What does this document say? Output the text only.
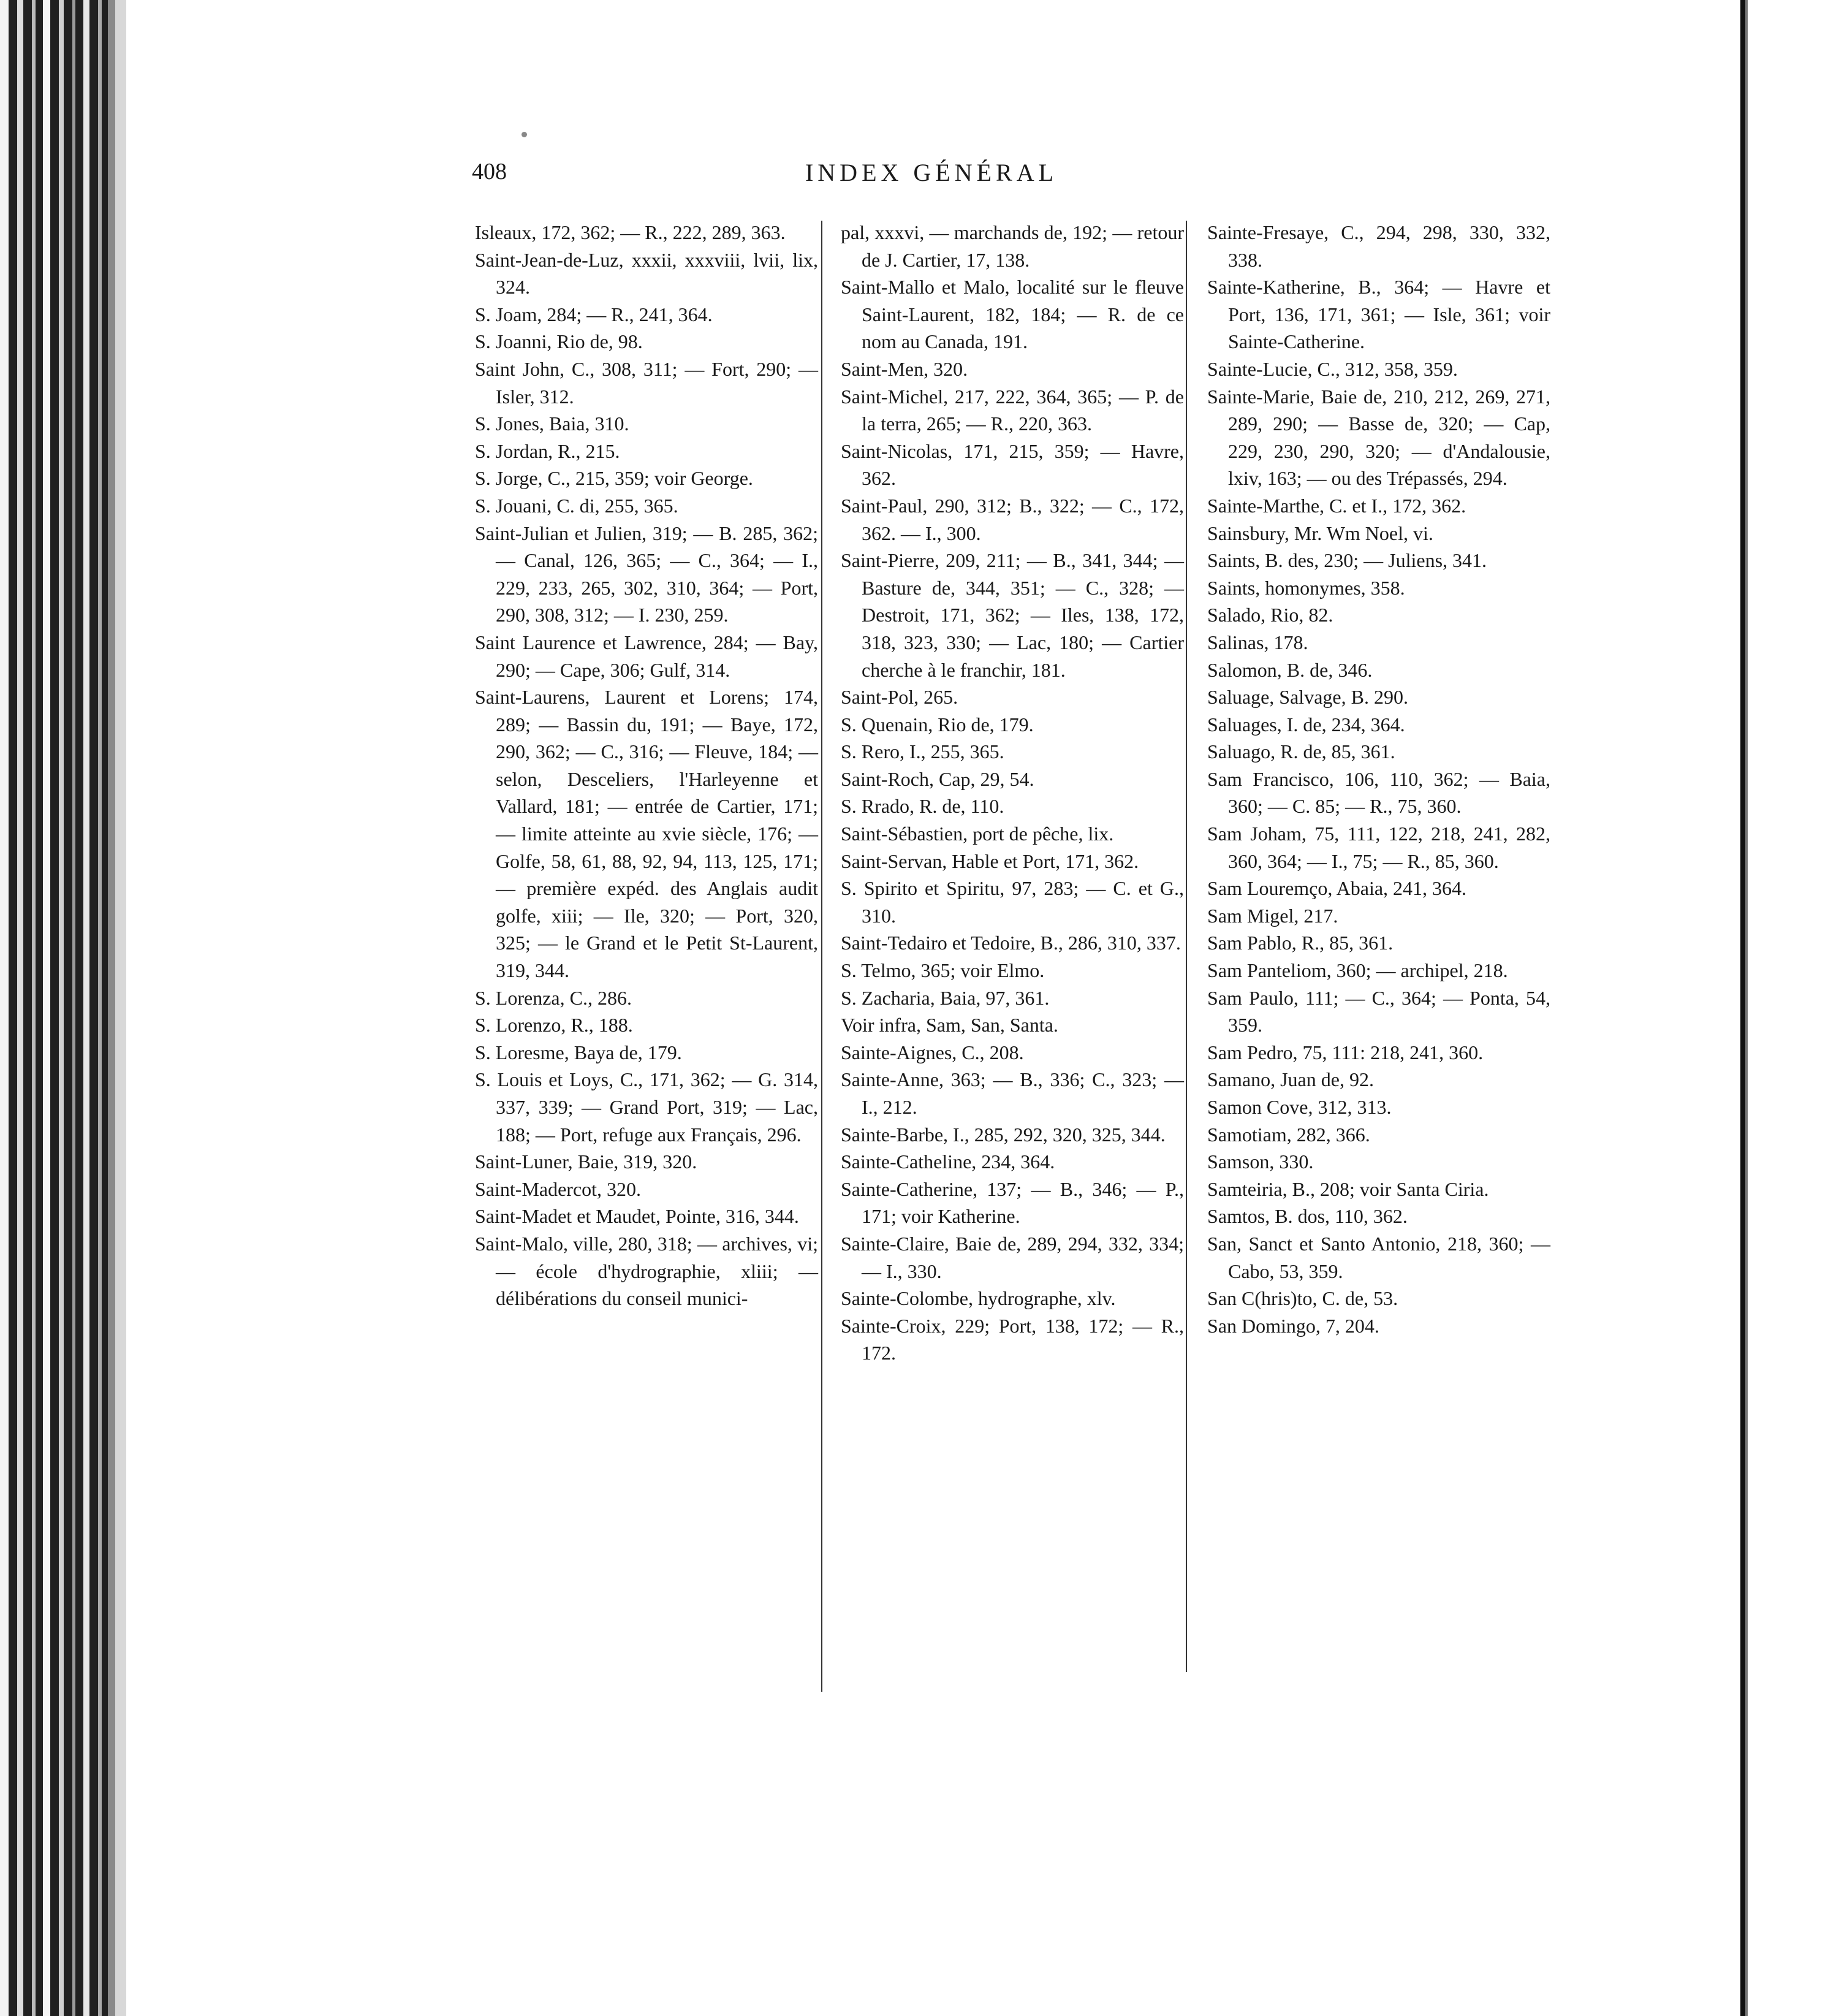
408	INDEX GÉNÉRAL
Isleaux, 172, 362; — R., 222, 289, 363.
Saint-Jean-de-Luz, xxxii, xxxviii, lvii, lix, 324.
S. Joam, 284; — R., 241, 364.
S. Joanni, Rio de, 98.
Saint John, C., 308, 311; — Fort, 290; — Isler, 312.
S. Jones, Baia, 310.
S. Jordan, R., 215.
S. Jorge, C., 215, 359; voir George.
S. Jouani, C. di, 255, 365.
Saint-Julian et Julien, 319; — B. 285, 362; — Canal, 126, 365; — C., 364; — I., 229, 233, 265, 302, 310, 364; — Port, 290, 308, 312; — I. 230, 259.
Saint Laurence et Lawrence, 284; — Bay, 290; — Cape, 306; Gulf, 314.
Saint-Laurens, Laurent et Lorens; 174, 289; — Bassin du, 191; — Baye, 172, 290, 362; — C., 316; — Fleuve, 184; — selon, Desceliers, l'Harleyenne et Vallard, 181; — entrée de Cartier, 171; — limite atteinte au xvie siècle, 176; — Golfe, 58, 61, 88, 92, 94, 113, 125, 171; — première expéd. des Anglais audit golfe, xiii; — Ile, 320; — Port, 320, 325; — le Grand et le Petit St-Laurent, 319, 344.
S. Lorenza, C., 286.
S. Lorenzo, R., 188.
S. Loresme, Baya de, 179.
S. Louis et Loys, C., 171, 362; — G. 314, 337, 339; — Grand Port, 319; — Lac, 188; — Port, refuge aux Français, 296.
Saint-Luner, Baie, 319, 320.
Saint-Madercot, 320.
Saint-Madet et Maudet, Pointe, 316, 344.
Saint-Malo, ville, 280, 318; — archives, vi; — école d'hydrographie, xliii; — délibérations du conseil munici-
pal, xxxvi, — marchands de, 192; — retour de J. Cartier, 17, 138.
Saint-Mallo et Malo, localité sur le fleuve Saint-Laurent, 182, 184; — R. de ce nom au Canada, 191.
Saint-Men, 320.
Saint-Michel, 217, 222, 364, 365; — P. de la terra, 265; — R., 220, 363.
Saint-Nicolas, 171, 215, 359; — Havre, 362.
Saint-Paul, 290, 312; B., 322; — C., 172, 362. — I., 300.
Saint-Pierre, 209, 211; — B., 341, 344; — Basture de, 344, 351; — C., 328; — Destroit, 171, 362; — Iles, 138, 172, 318, 323, 330; — Lac, 180; — Cartier cherche à le franchir, 181.
Saint-Pol, 265.
S. Quenain, Rio de, 179.
S. Rero, I., 255, 365.
Saint-Roch, Cap, 29, 54.
S. Rrado, R. de, 110.
Saint-Sébastien, port de pêche, lix.
Saint-Servan, Hable et Port, 171, 362.
S. Spirito et Spiritu, 97, 283; — C. et G., 310.
Saint-Tedairo et Tedoire, B., 286, 310, 337.
S. Telmo, 365; voir Elmo.
S. Zacharia, Baia, 97, 361.
Voir infra, Sam, San, Santa.
Sainte-Aignes, C., 208.
Sainte-Anne, 363; — B., 336; C., 323; — I., 212.
Sainte-Barbe, I., 285, 292, 320, 325, 344.
Sainte-Catheline, 234, 364.
Sainte-Catherine, 137; — B., 346; — P., 171; voir Katherine.
Sainte-Claire, Baie de, 289, 294, 332, 334; — I., 330.
Sainte-Colombe, hydrographe, xlv.
Sainte-Croix, 229; Port, 138, 172; — R., 172.
Sainte-Fresaye, C., 294, 298, 330, 332, 338.
Sainte-Katherine, B., 364; — Havre et Port, 136, 171, 361; — Isle, 361; voir Sainte-Catherine.
Sainte-Lucie, C., 312, 358, 359.
Sainte-Marie, Baie de, 210, 212, 269, 271, 289, 290; — Basse de, 320; — Cap, 229, 230, 290, 320; — d'Andalousie, lxiv, 163; — ou des Trépassés, 294.
Sainte-Marthe, C. et I., 172, 362.
Sainsbury, Mr. Wm Noel, vi.
Saints, B. des, 230; — Juliens, 341.
Saints, homonymes, 358.
Salado, Rio, 82.
Salinas, 178.
Salomon, B. de, 346.
Saluage, Salvage, B. 290.
Saluages, I. de, 234, 364.
Saluago, R. de, 85, 361.
Sam Francisco, 106, 110, 362; — Baia, 360; — C. 85; — R., 75, 360.
Sam Joham, 75, 111, 122, 218, 241, 282, 360, 364; — I., 75; — R., 85, 360.
Sam Louremço, Abaia, 241, 364.
Sam Migel, 217.
Sam Pablo, R., 85, 361.
Sam Panteliom, 360; — archipel, 218.
Sam Paulo, 111; — C., 364; — Ponta, 54, 359.
Sam Pedro, 75, 111: 218, 241, 360.
Samano, Juan de, 92.
Samon Cove, 312, 313.
Samotiam, 282, 366.
Samson, 330.
Samteiria, B., 208; voir Santa Ciria.
Samtos, B. dos, 110, 362.
San, Sanct et Santo Antonio, 218, 360; — Cabo, 53, 359.
San C(hris)to, C. de, 53.
San Domingo, 7, 204.
